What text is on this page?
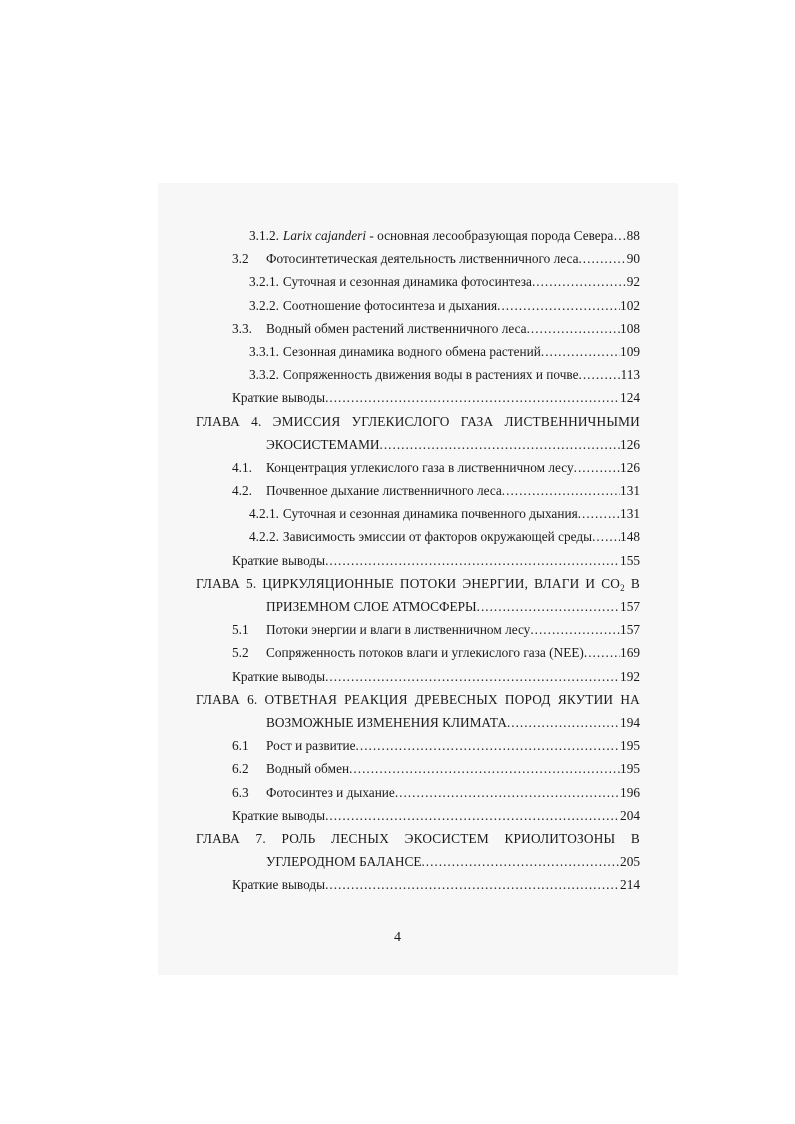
3.1.2. Larix cajanderi - основная лесообразующая порода Севера… 88
3.2	Фотосинтетическая деятельность лиственничного леса .....	90
3.2.1. Суточная и сезонная динамика фотосинтеза .....	92
3.2.2. Соотношение фотосинтеза и дыхания .....	102
3.3.	Водный обмен растений лиственничного леса .....	108
3.3.1. Сезонная динамика водного обмена растений .....	109
3.3.2. Сопряженность движения воды в растениях и почве .....	113
Краткие выводы .....	124
ГЛАВА 4. ЭМИССИЯ УГЛЕКИСЛОГО ГАЗА ЛИСТВЕННИЧНЫМИ
ЭКОСИСТЕМАМИ .....	126
4.1.	Концентрация углекислого газа в лиственничном лесу .....	126
4.2.	Почвенное дыхание лиственничного леса .....	131
4.2.1. Суточная и сезонная динамика почвенного дыхания .....	131
4.2.2. Зависимость эмиссии от факторов окружающей среды ..... 148
Краткие выводы .....	155
ГЛАВА 5. ЦИРКУЛЯЦИОННЫЕ ПОТОКИ ЭНЕРГИИ, ВЛАГИ И $CO_2$ В
ПРИЗЕМНОМ СЛОЕ АТМОСФЕРЫ .....	157
5.1	Потоки энергии и влаги в лиственничном лесу .....	157
5.2	Сопряженность потоков влаги и углекислого газа (NEE) .....	169
Краткие выводы .....	192
ГЛАВА 6. ОТВЕТНАЯ РЕАКЦИЯ ДРЕВЕСНЫХ ПОРОД ЯКУТИИ НА
ВОЗМОЖНЫЕ ИЗМЕНЕНИЯ КЛИМАТА .....	194
6.1	Рост и развитие .....	195
6.2	Водный обмен .....	195
6.3	Фотосинтез и дыхание .....	196
Краткие выводы .....	204
ГЛАВА 7. РОЛЬ ЛЕСНЫХ ЭКОСИСТЕМ КРИОЛИТОЗОНЫ В
УГЛЕРОДНОМ БАЛАНСЕ .....	205
Краткие выводы .....	214
4
